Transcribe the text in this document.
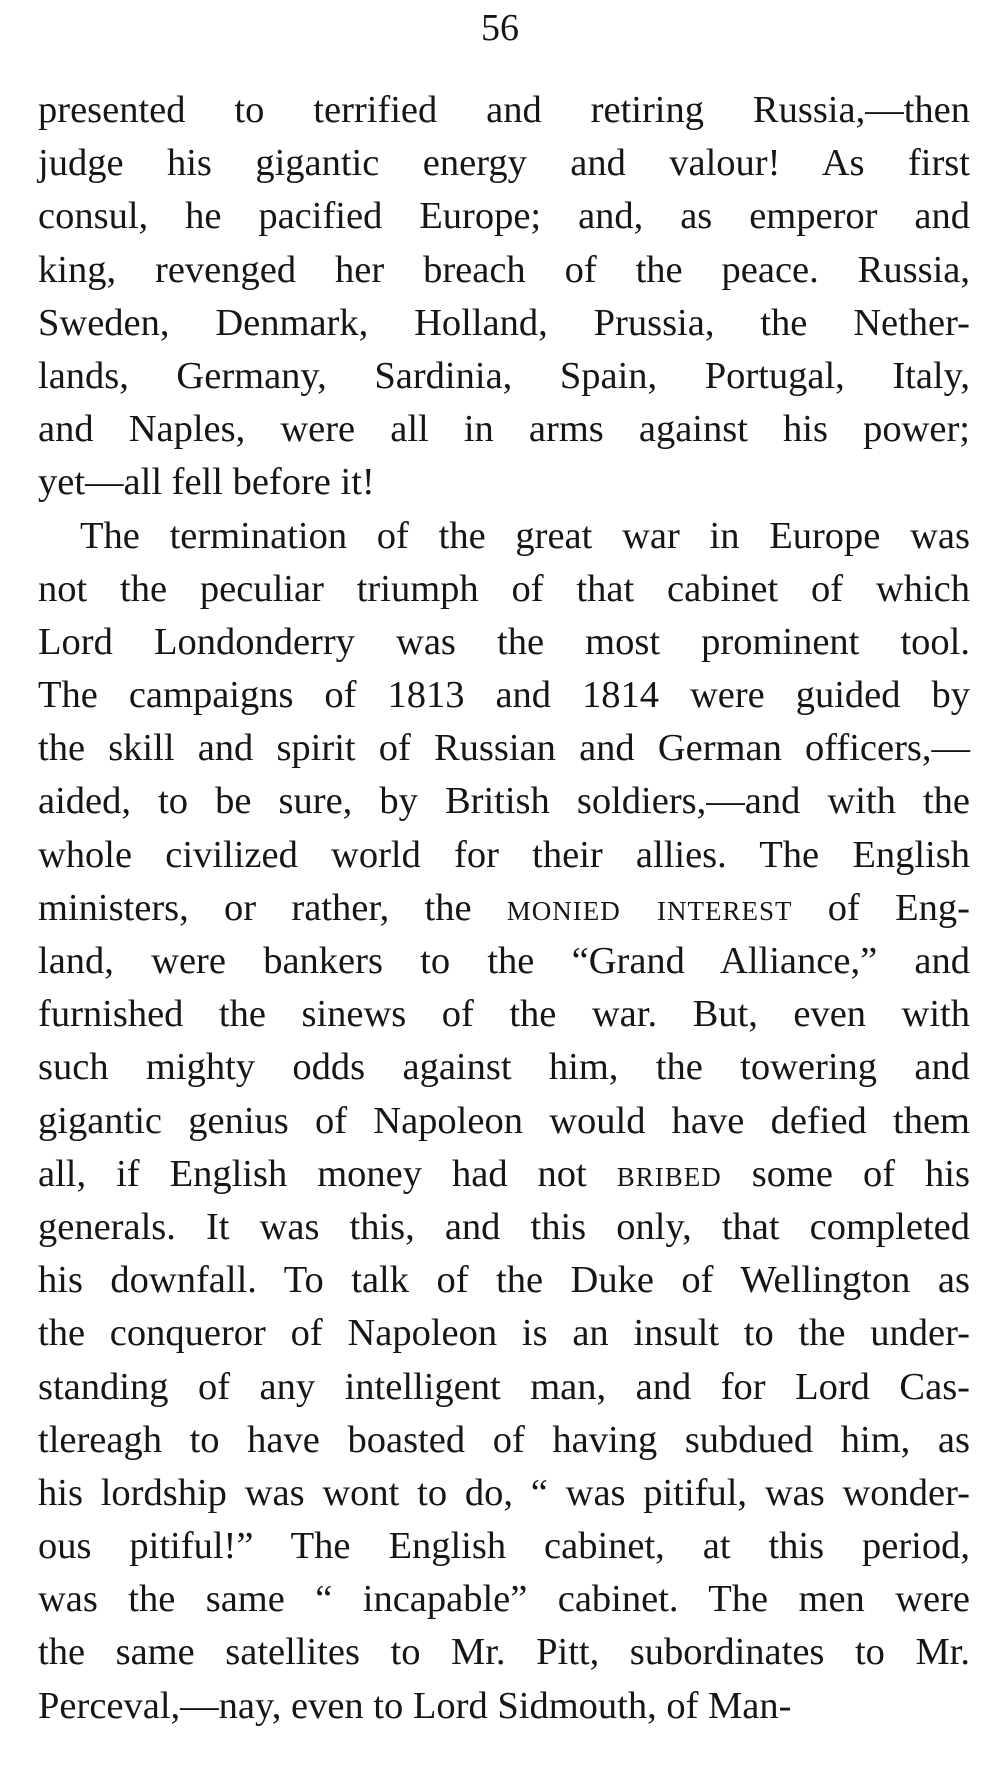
56
presented to terrified and retiring Russia,—then
judge his gigantic energy and valour! As first
consul, he pacified Europe; and, as emperor and
king, revenged her breach of the peace. Russia,
Sweden, Denmark, Holland, Prussia, the Nether-
lands, Germany, Sardinia, Spain, Portugal, Italy,
and Naples, were all in arms against his power;
yet—all fell before it!
The termination of the great war in Europe was
not the peculiar triumph of that cabinet of which
Lord Londonderry was the most prominent tool.
The campaigns of 1813 and 1814 were guided by
the skill and spirit of Russian and German officers,—
aided, to be sure, by British soldiers,—and with the
whole civilized world for their allies. The English
ministers, or rather, the monied interest of Eng-
land, were bankers to the “Grand Alliance,” and
furnished the sinews of the war. But, even with
such mighty odds against him, the towering and
gigantic genius of Napoleon would have defied them
all, if English money had not bribed some of his
generals. It was this, and this only, that completed
his downfall. To talk of the Duke of Wellington as
the conqueror of Napoleon is an insult to the under-
standing of any intelligent man, and for Lord Cas-
tlereagh to have boasted of having subdued him, as
his lordship was wont to do, “ was pitiful, was wonder-
ous pitiful!” The English cabinet, at this period,
was the same “ incapable” cabinet. The men were
the same satellites to Mr. Pitt, subordinates to Mr.
Perceval,—nay, even to Lord Sidmouth, of Man-
